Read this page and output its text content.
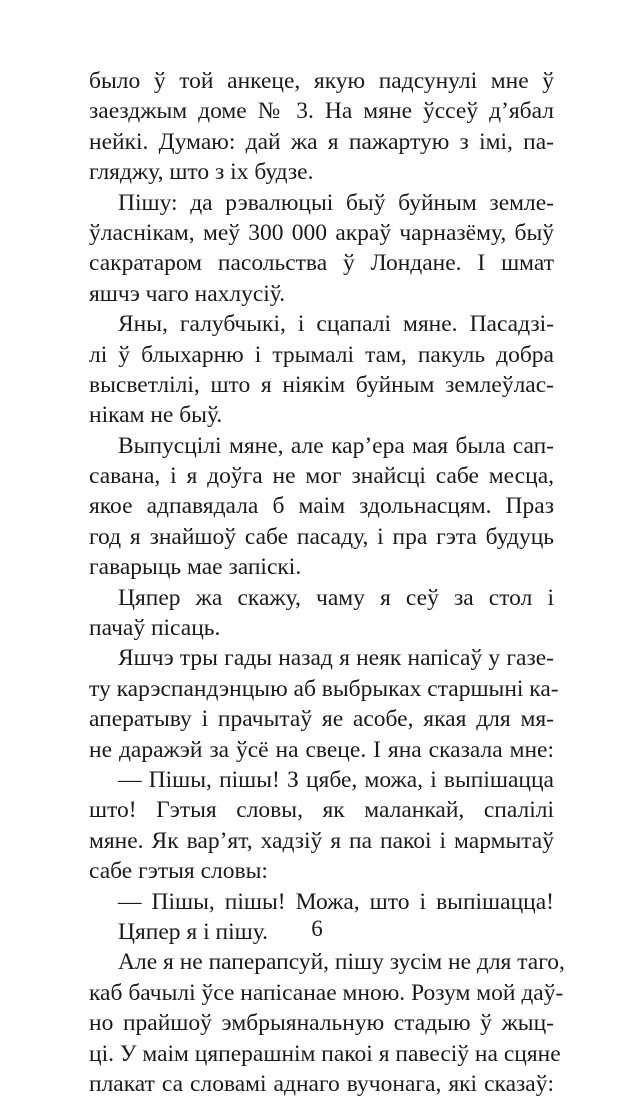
было ў той анкеце, якую падсунулі мне ў
заезджым доме № 3. На мяне ўссеў д’ябал
нейкі. Думаю: дай жа я пажартую з імі, па-
гляджу, што з іх будзе.
Пішу: да рэвалюцыі быў буйным земле-
ўласнікам, меў 300 000 акраў чарназёму, быў
сакратаром пасольства ў Лондане. І шмат
яшчэ чаго нахлусіў.
Яны, галубчыкі, і сцапалі мяне. Пасадзі-
лі ў блыхарню і трымалі там, пакуль добра
высветлілі, што я ніякім буйным землеўлас-
нікам не быў.
Выпусцілі мяне, але кар’ера мая была сап-
савана, і я доўга не мог знайсці сабе месца,
якое адпавядала б маім здольнасцям. Праз
год я знайшоў сабе пасаду, і пра гэта будуць
гаварыць мае запіскі.
Цяпер жа скажу, чаму я сеў за стол і
пачаў пісаць.
Яшчэ тры гады назад я неяк напісаў у газе-
ту карэспандэнцыю аб выбрыках старшыні ка-
аператыву і прачытаў яе асобе, якая для мя-
не даражэй за ўсё на свеце. І яна сказала мне:
— Пішы, пішы! З цябе, можа, і выпішацца
што! Гэтыя словы, як маланкай, спалілі
мяне. Як вар’ят, хадзіў я па пакоі і мармытаў
сабе гэтыя словы:
— Пішы, пішы! Можа, што і выпішацца!
Цяпер я і пішу.
Але я не паперапсуй, пішу зусім не для таго,
каб бачылі ўсе напісанае мною. Розум мой даў-
но прайшоў эмбрыянальную стадыю ў жыц-
ці. У маім цяперашнім пакоі я павесіў на сцяне
плакат са словамі аднаго вучонага, які сказаў:
6
